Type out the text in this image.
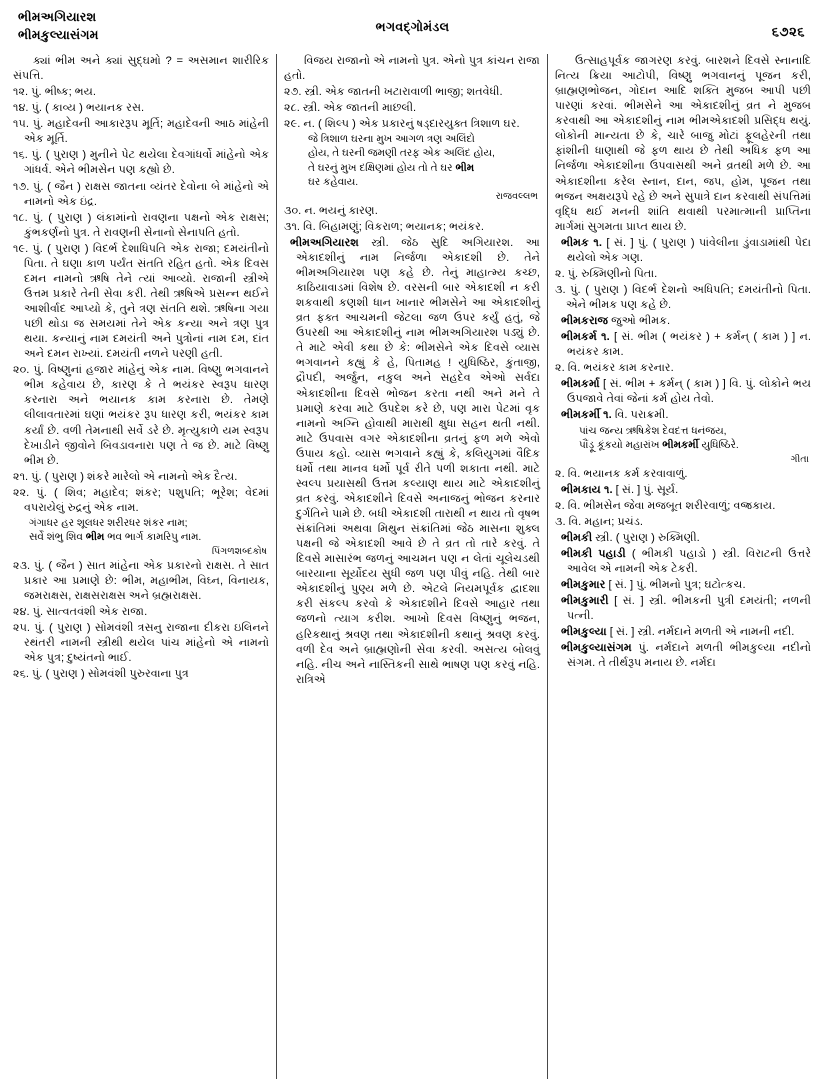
ભીમઅગિયારશ
ભીમકુલ્યાસંગમ
ભગવદ્ગોમંડલ	૬૭૨૬
ક્યાં ભીમ અને ક્યાં સુદ્ઘમો ? = અસમાન શારીરિક સંપત્તિ.
૧૨. પું. ભીષ્ક; ભય.
૧૪. પું. ( કાવ્ય ) ભયાનક રસ.
૧૫. પું. મહાદેવની આકારરૂપ મૂર્તિ; મહાદેવની આઠ માંહેની એક મૂર્તિ.
૧૬. પું. ( પુરાણ ) મુનીને પેટ થયેલા દેવગાંધર્વો માંહેનો એક ગાંધર્વ. એને ભીમસેન પણ કહ્યો છે.
૧૭. પું. ( જૈન ) રાક્ષસ જાતના વ્યંતર દેવોના બે માંહેનો એ નામનો એક ઇંદ્ર.
૧૮. પું. ( પુરાણ ) લંકામાંનો રાવણના પક્ષનો એક રાક્ષસ; કુંભકર્ણનો પુત્ર. તે રાવણની સેનાનો સેનાપતિ હતો.
૧૯. પું. ( પુરાણ ) વિદર્ભ દેશાધિપતિ એક રાજા; દમયંતીનો પિતા. તે ઘણા કાળ પર્યંત સંતતિ રહિત હતો. એક દિવસ દમન નામનો ઋષિ તેને ત્યાં આવ્યો. રાજાની સ્ત્રીએ ઉત્તમ પ્રકારે તેની સેવા કરી. તેથી ઋષિએ પ્રસન્ન થઈને આશીર્વાદ આપ્યો કે, તુને ત્રણ સંતતિ થશે. ઋષિના ગયા પછી થોડા જ સમયમાં તેને એક કન્યા અને ત્રણ પુત્ર થયા. કન્યાનું નામ દમયંતી અને પુત્રોનાં નામ દમ, દાંત અને દમન રાખ્યાં. દમયંતી નળને પરણી હતી.
૨૦. પું. વિષ્ણુનાં હજાર માંહેનું એક નામ. વિષ્ણુ ભગવાનને ભીમ કહેવાય છે, કારણ કે તે ભયંકર સ્વરૂપ ધારણ કરનારા અને ભયાનક કામ કરનારા છે. તેમણે લીલાવતારમાં ઘણાં ભયંકર રૂપ ધારણ કરી, ભયંકર કામ કર્યાં છે. વળી તેમનાથી સર્વે ડરે છે. મૃત્યુકાળે યમ સ્વરૂપ દેખાડીને જીવોને બિવડાવનારા પણ તે જ છે. માટે વિષ્ણુ ભીમ છે.
૨૧. પું. ( પુરાણ ) શંકરે મારેલો એ નામનો એક દૈત્ય.
૨૨. પું. ( શિવ; મહાદેવ; શંકર; પશુપતિ; ભૂરેશ; વેદમાં વપરાયેલું રુદ્રનું એક નામ.
ગંગાધર હર શૂલધર શરીરધર શંકર નામ;
સર્વે શંભુ શિવ ભીમ ભવ ભાર્ગ કામરિપુ નામ.
પિંગળશબ્દકોષ
૨૩. પું. ( જૈન ) સાત માંહેના એક પ્રકારનો રાક્ષસ. તે સાત પ્રકાર આ પ્રમાણે છે: ભીમ, મહાભીમ, વિઘ્ન, વિનાયક, જમરાક્ષસ, રાક્ષસરાક્ષસ અને બ્રહ્મરાક્ષસ.
૨૪. પું. સાત્વતવંશી એક રાજા.
૨૫. પું. ( પુરાણ ) સોમવંશી ત્રસનુ રાજાના દીકરા ઇલિનને રથંતરી નામની સ્ત્રીથી થયેલ પાંચ માંહેનો એ નામનો એક પુત્ર; દુષ્યંતનો ભાઈ.
૨૬. પું. ( પુરાણ ) સોમવંશી પુરુરવાના પુત્ર
વિજય રાજાનો એ નામનો પુત્ર. એનો પુત્ર કાંચન રાજા હતો.
૨૭. સ્ત્રી. એક જાતની ખટારાવાળી ભાજી; શતવેધી.
૨૮. સ્ત્રી. એક જાતની માછલી.
૨૯. ન. ( શિલ્પ ) એક પ્રકારનું ષડ્દારયુક્ત ત્રિશાળ ઘર.
જે ત્રિશાળ ઘરના મુખ આગળ ત્રણ અલિંદો
હોય, તે ઘરની જમણી તરફ એક અલિંદ હોય,
તે ઘરનું મુખ દક્ષિણમાં હોય તો તે ઘર ભીમ
ઘર કહેવાય.
રાજવલ્લભ
૩૦. ન. ભયનું કારણ.
૩૧. વિ. બિહામણું; વિકરાળ; ભયાનક; ભયંકર.
ભીમઅગિયારશ સ્ત્રી. જેઠ સુદિ અગિયારશ. આ એકાદશીનું નામ નિર્જળા એકાદશી છે. તેને ભીમઅગિયારશ પણ કહે છે. તેનું માહાત્મ્ય કચ્છ, કાઠિયાવાડમાં વિશેષ છે. વરસની બાર એકાદશી ન કરી શકવાથી કણશી ધાન ખાનાર ભીમસેને આ એકાદશીનું વ્રત ફક્ત આચમની જેટલા જળ ઉપર કર્યું હતું, જે ઉપરથી આ એકાદશીનું નામ ભીમઅગિયારશ પડ્યું છે. તે માટે એવી કથા છે કે: ભીમસેને એક દિવસે વ્યાસ ભગવાનને કહ્યું કે હે, પિતામહ ! યુધિષ્ઠિર, કુંતાજી, દ્રૌપદી, અર્જુન, નકુલ અને સહદેવ એઓ સર્વદા એકાદશીના દિવસે ભોજન કરતા નથી અને મને તે પ્રમાણે કરવા માટે ઉપદેશ કરે છે, પણ મારા પેટમાં વૃક નામનો અગ્નિ હોવાથી મારાથી ક્ષુધા સહન થતી નથી. માટે ઉપવાસ વગર એકાદશીના વ્રતનું ફળ મળે એવો ઉપાય કહો. વ્યાસ ભગવાને કહ્યું કે, કલિયુગમાં વૈદિક ધર્મો તથા માનવ ધર્મો પૂર્વ રીતે પળી શકાતા નથી. માટે સ્વલ્પ પ્રયાસથી ઉત્તમ કલ્યાણ થાય માટે એકાદશીનું વ્રત કરવું. એકાદશીને દિવસે અનાજનું ભોજન કરનાર દુર્ગતિને પામે છે. બધી એકાદશી તારાથી ન થાય તો વૃષભ સંક્રાંતિમાં અથવા મિથુન સંક્રાંતિમાં જેઠ માસના શુક્લ પક્ષની જે એકાદશી આવે છે તે વ્રત તો તારે કરવું. તે દિવસે માસારંભ જળનું આચમન પણ ન લેતાં ચૂલેચડથી બારયાના સૂર્યોદય સુધી જળ પણ પીવું નહિ. તેથી બાર એકાદશીનું પુણ્ય મળે છે. એટલે નિયમપૂર્વક દ્વાદશા કરી સંકલ્પ કરવો કે એકાદશીને દિવસે આહાર તથા જળનો ત્યાગ કરીશ. આખો દિવસ વિષ્ણુનું ભજન, હરિકથાનું શ્રવણ તથા એકાદશીની કથાનું શ્રવણ કરવું. વળી દેવ અને બ્રાહ્મણોની સેવા કરવી. અસત્ય બોલવું નહિ. નીચ અને નાસ્તિકની સાથે ભાષણ પણ કરવું નહિ. રાત્રિએ
ઉત્સાહપૂર્વક જાગરણ કરવું. બારશને દિવસે સ્નાનાદિ નિત્ય ક્રિયા આટોપી, વિષ્ણુ ભગવાનનું પૂજન કરી, બ્રાહ્મણભોજન, ગોદાન આદિ શક્તિ મુજબ આપી પછી પારણાં કરવાં. ભીમસેને આ એકાદશીનું વ્રત ને મુજબ કરવાથી આ એકાદશીનું નામ ભીમએકાદશી પ્રસિદ્ધ થયું. લોકોની માન્યતા છે કે, ચારે બાજુ મોટાં ફૂલહેરની તથા ફાંશીની ધાણાથી જે ફળ થાય છે તેથી અધિક ફળ આ નિર્જળા એકાદશીના ઉપવાસથી અને વ્રતથી મળે છે. આ એકાદશીના કરેલ સ્નાન, દાન, જપ, હોમ, પૂજન તથા ભજન અક્ષયરૂપે રહે છે અને સુપાત્રે દાન કરવાથી સંપત્તિમાં વૃદ્ધિ થઈ મનની શાંતિ થવાથી પરમાત્માની પ્રાપ્તિના માર્ગમાં સુગમતા પ્રાપ્ત થાય છે.
ભીમક ૧. [ સં. ] પું. ( પુરાણ ) પાંવેલીના ડુંવાડામાંથી પેદા થયેલો એક ગણ.
૨. પું. રુક્મિણીનો પિતા.
૩. પું. ( પુરાણ ) વિદર્ભ દેશનો અધિપતિ; દમયંતીનો પિતા. એને ભીમક પણ કહે છે.
ભીમકરાજ જુઓ ભીમક.
ભીમકર્મ ૧. [ સં. ભીમ ( ભયંકર ) + કર્મન્ ( કામ ) ] ન. ભયંકર કામ.
૨. વિ. ભયંકર કામ કરનાર.
ભીમકર્મા [ સં. ભીમ + કર્મન્ ( કામ ) ] વિ. પું. લોકોને ભય ઉપજાવે તેવાં જેનાં કર્મ હોય તેવો.
ભીમકર્મી ૧. વિ. પરાક્રમી.
પાંચ જન્ય ઋષિકેશ દેવદત્ત ધનંજય,
પૌંડ્રૂ કૂંકયો મહારાંખ ભીમકર્મી યુધિષ્ઠિરે.
ગીતા
૨. વિ. ભયાનક કર્મ કરવાવાળું.
ભીમકાય ૧. [ સં. ] પું. સૂર્ય.
૨. વિ. ભીમસેન જેવા મજબૂત શરીરવાળું; વજ્રકાય.
૩. વિ. મહાન; પ્રચંડ.
ભીમકી સ્ત્રી. ( પુરાણ ) રુક્મિણી.
ભીમકી પહાડી ( ભીમકી પહાડો ) સ્ત્રી. વિરાટની ઉત્તરે આવેલ એ નામની એક ટેકરી.
ભીમકુમાર [ સં. ] પું. ભીમનો પુત્ર; ઘટોત્કચ.
ભીમકુમારી [ સં. ] સ્ત્રી. ભીમકની પુત્રી દમયંતી; નળની પત્ની.
ભીમકુલ્યા [ સં. ] સ્ત્રી. નર્મદાને મળતી એ નામની નદી.
ભીમકુલ્યાસંગમ પું. નર્મદાને મળતી ભીમકુલ્યા નદીનો સંગમ. તે તીર્થરૂપ મનાય છે. નર્મદા
